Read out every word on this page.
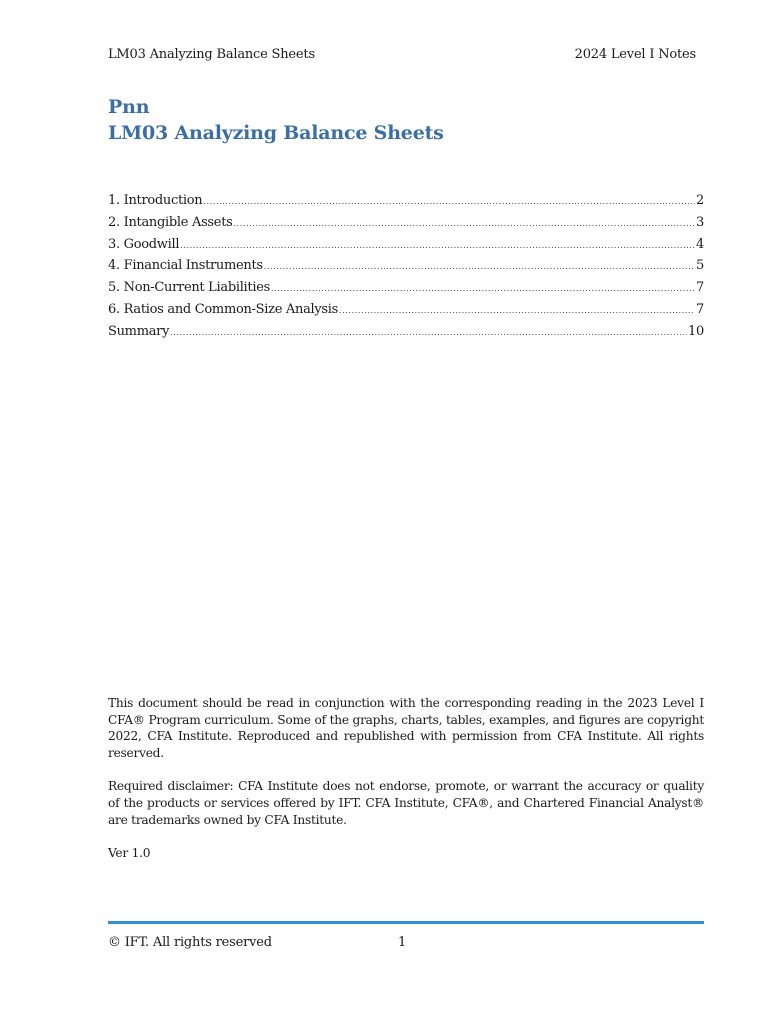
LM03 Analyzing Balance Sheets	2024 Level I Notes
Pnn
LM03 Analyzing Balance Sheets
1. Introduction .....	2
2. Intangible Assets .....	3
3. Goodwill .....	4
4. Financial Instruments .....	5
5. Non-Current Liabilities .....	7
6. Ratios and Common-Size Analysis .....	7
Summary .....	10

This document should be read in conjunction with the corresponding reading in the 2023 Level I CFA® Program curriculum. Some of the graphs, charts, tables, examples, and figures are copyright 2022, CFA Institute. Reproduced and republished with permission from CFA Institute. All rights reserved.

Required disclaimer: CFA Institute does not endorse, promote, or warrant the accuracy or quality of the products or services offered by IFT. CFA Institute, CFA®, and Chartered Financial Analyst® are trademarks owned by CFA Institute.

Ver 1.0

© IFT. All rights reserved	1
